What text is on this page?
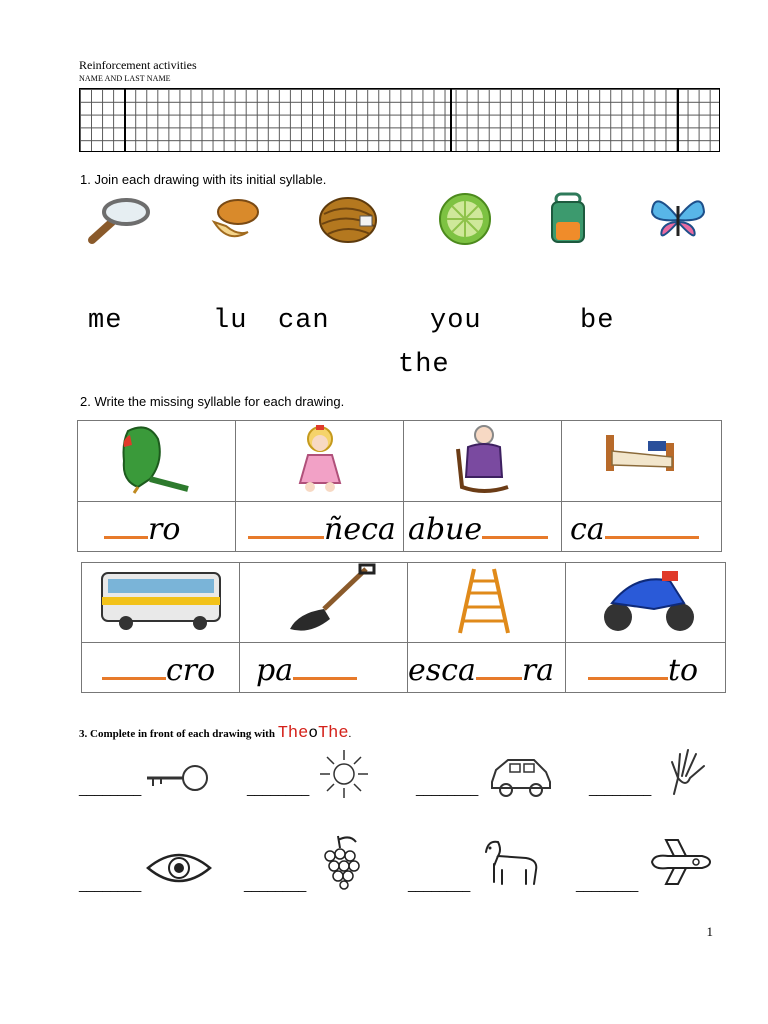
Reinforcement activities
NAME AND LAST NAME
1. Join each drawing with its initial syllable.
me	lu can	you	be
the
2. Write the missing syllable for each drawing.

ro	ñeca	abue	ca

cro	pa	esca ra	to
3. Complete in front of each drawing with TheoThe.
________	________	________	________
________	________	________	________
1
